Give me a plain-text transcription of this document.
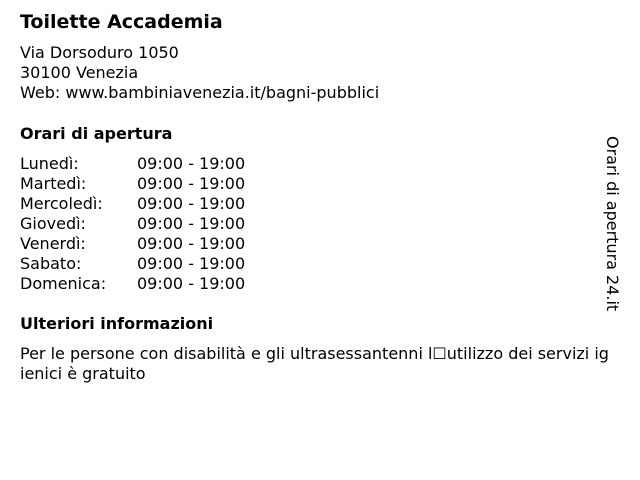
Toilette Accademia
Via Dorsoduro 1050
30100 Venezia
Web: www.bambiniavenezia.it/bagni-pubblici
Orari di apertura
Lunedì:	09:00 - 19:00
Martedì:	09:00 - 19:00
Mercoledì:	09:00 - 19:00
Giovedì:	09:00 - 19:00
Venerdì:	09:00 - 19:00
Sabato:	09:00 - 19:00
Domenica:	09:00 - 19:00
Ulteriori informazioni
Per le persone con disabilità e gli ultrasessantenni l☐utilizzo dei servizi igienici è gratuito
Orari di apertura 24.it
